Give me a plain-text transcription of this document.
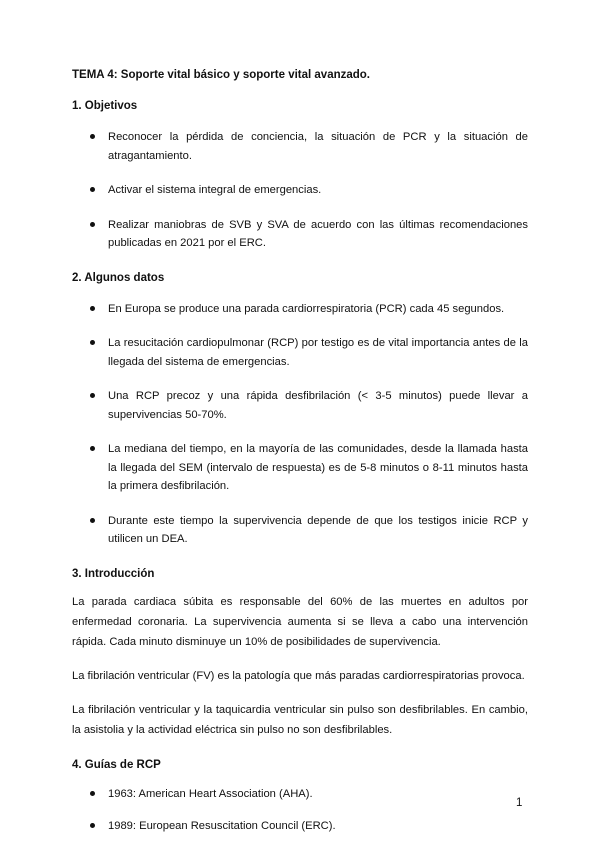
TEMA 4: Soporte vital básico y soporte vital avanzado.
1. Objetivos
Reconocer la pérdida de conciencia, la situación de PCR y la situación de atragantamiento.
Activar el sistema integral de emergencias.
Realizar maniobras de SVB y SVA de acuerdo con las últimas recomendaciones publicadas en 2021 por el ERC.
2. Algunos datos
En Europa se produce una parada cardiorrespiratoria (PCR) cada 45 segundos.
La resucitación cardiopulmonar (RCP) por testigo es de vital importancia antes de la llegada del sistema de emergencias.
Una RCP precoz y una rápida desfibrilación (< 3-5 minutos) puede llevar a supervivencias 50-70%.
La mediana del tiempo, en la mayoría de las comunidades, desde la llamada hasta la llegada del SEM (intervalo de respuesta) es de 5-8 minutos o 8-11 minutos hasta la primera desfibrilación.
Durante este tiempo la supervivencia depende de que los testigos inicie RCP y utilicen un DEA.
3. Introducción

La parada cardiaca súbita es responsable del 60% de las muertes en adultos por enfermedad coronaria. La supervivencia aumenta si se lleva a cabo una intervención rápida. Cada minuto disminuye un 10% de posibilidades de supervivencia.

La fibrilación ventricular (FV) es la patología que más paradas cardiorrespiratorias provoca.

La fibrilación ventricular y la taquicardia ventricular sin pulso son desfibrilables. En cambio, la asistolia y la actividad eléctrica sin pulso no son desfibrilables.

4. Guías de RCP
1963: American Heart Association (AHA).
1989: European Resuscitation Council (ERC).
1
